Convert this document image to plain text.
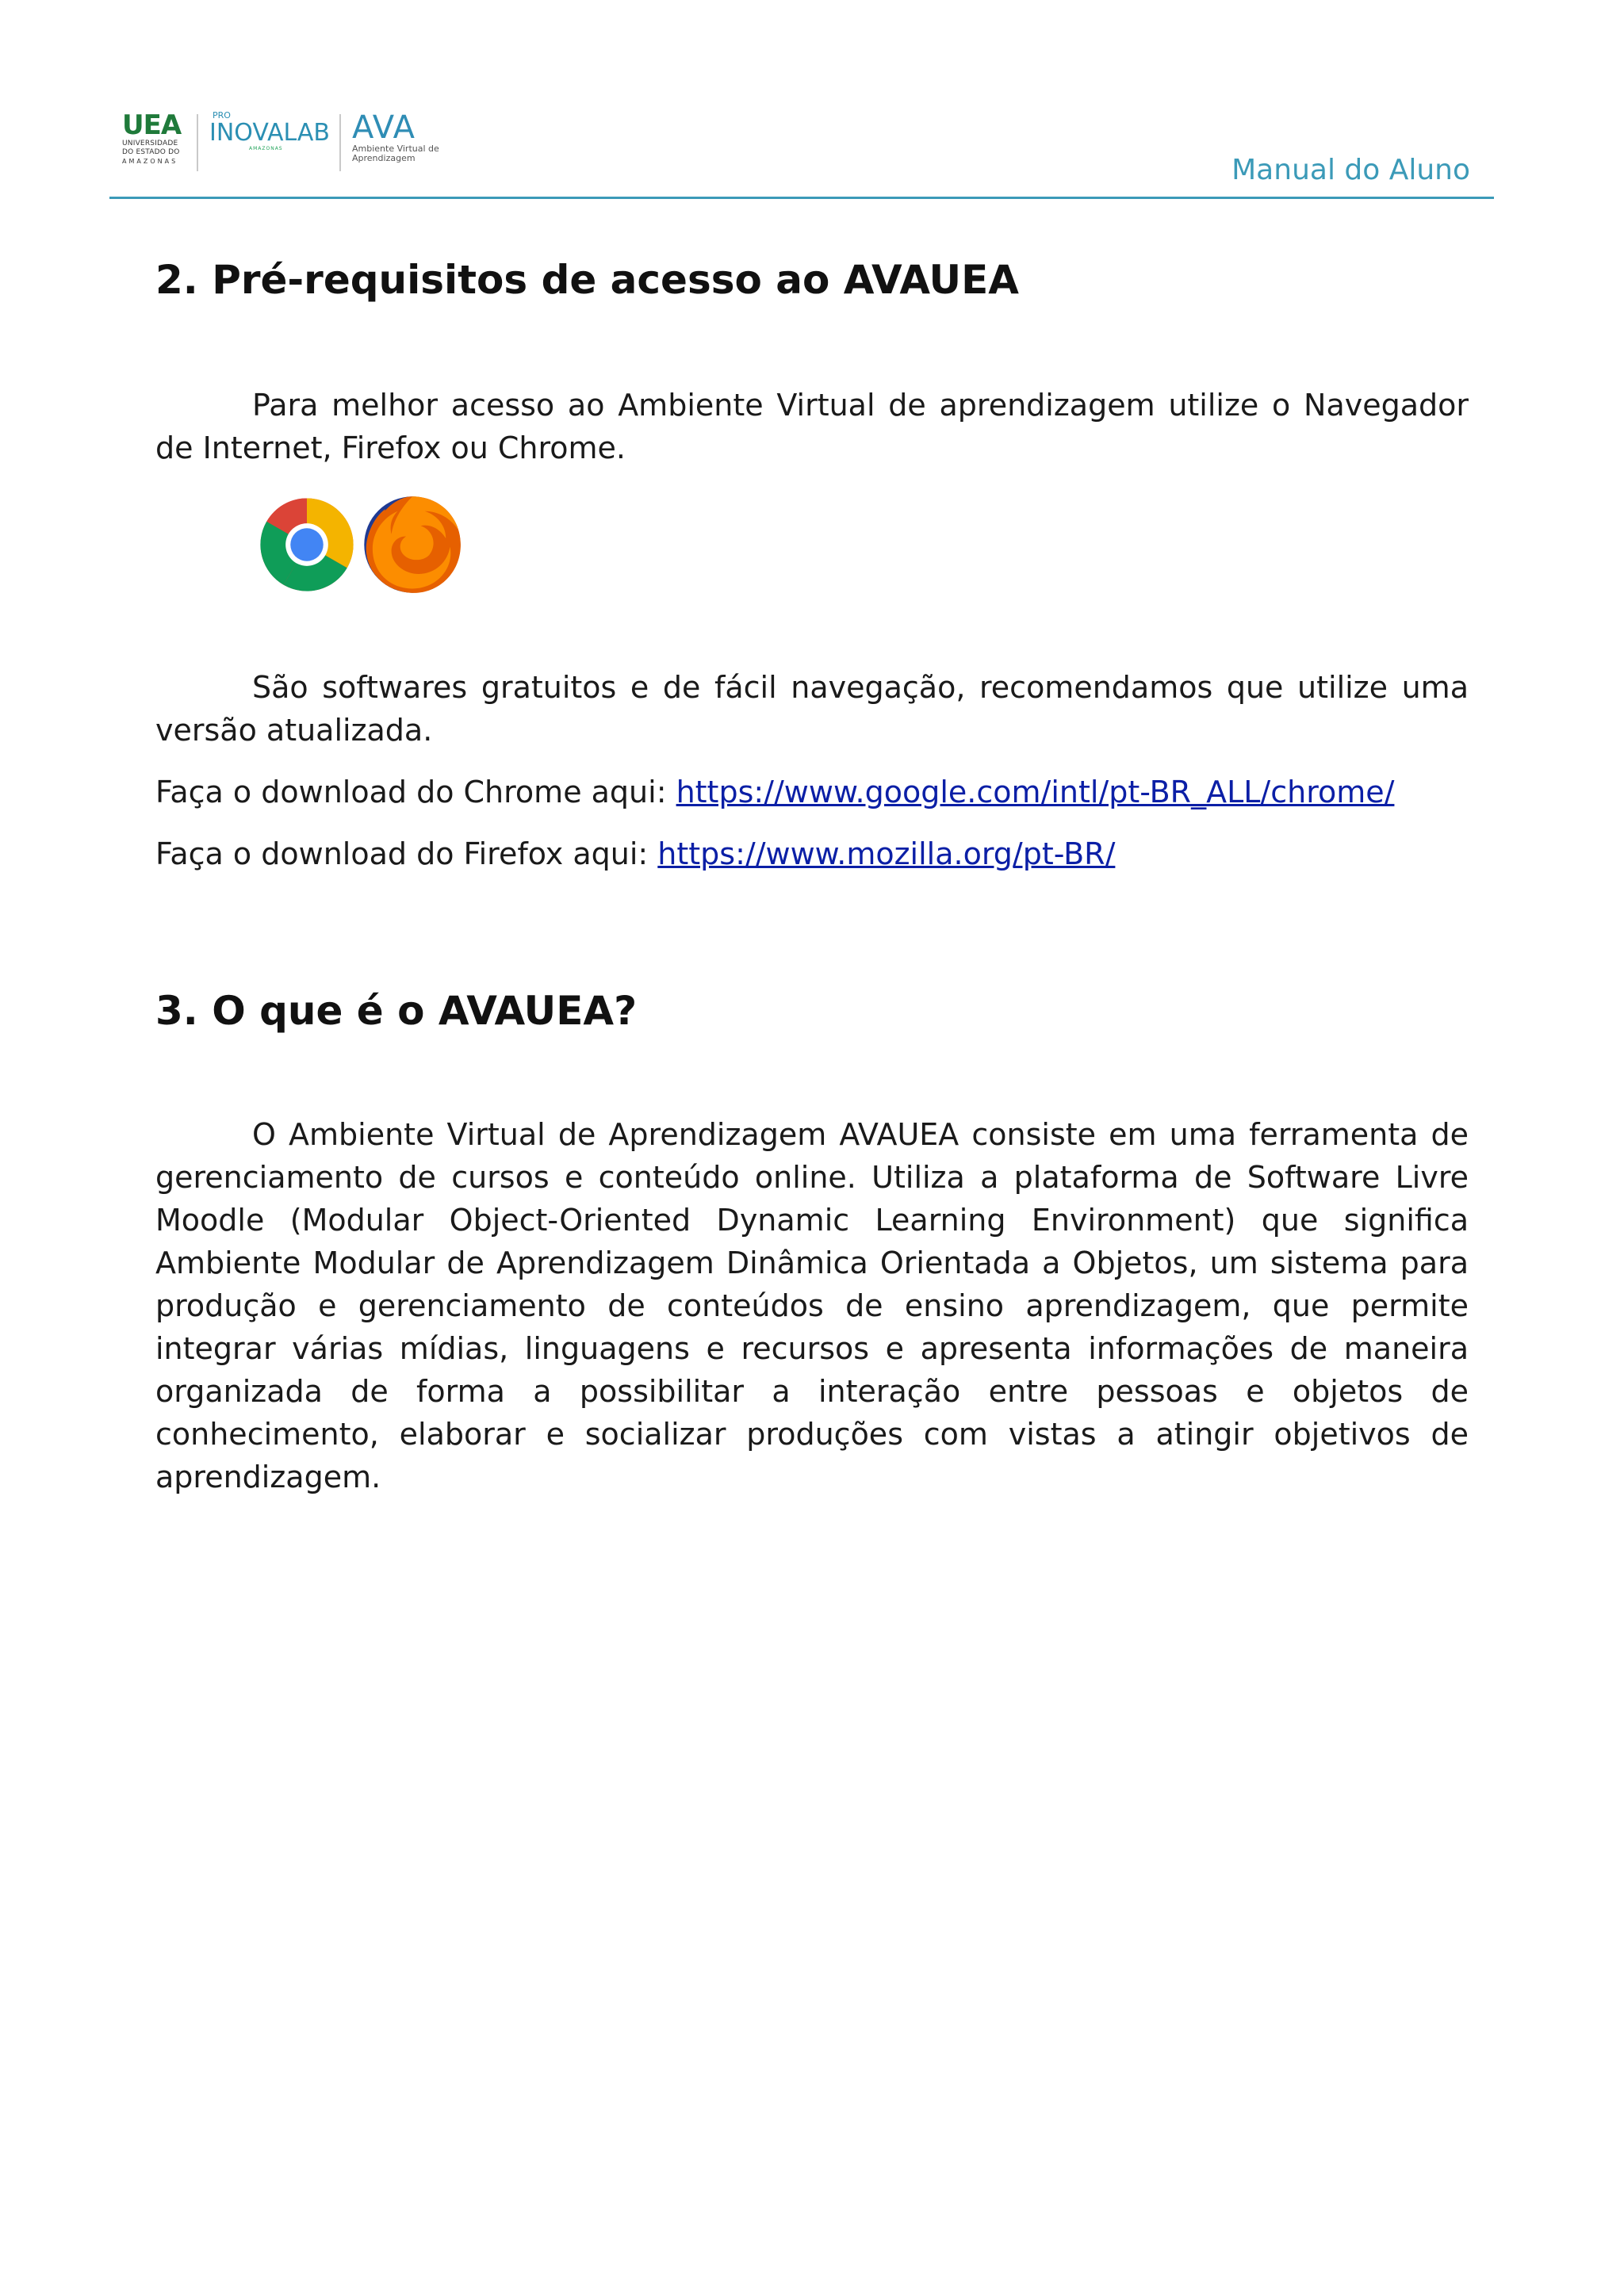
UEA
UNIVERSIDADE DO ESTADO DO
AMAZONAS
PRO
INOVALAB
AMAZONAS
AVA
Ambiente Virtual de Aprendizagem	Manual do Aluno
2. Pré-requisitos de acesso ao AVAUEA

Para melhor acesso ao Ambiente Virtual de aprendizagem utilize o Navegador de Internet, Firefox ou Chrome.

São softwares gratuitos e de fácil navegação, recomendamos que utilize uma versão atualizada.

Faça o download do Chrome aqui: https://www.google.com/intl/pt-BR_ALL/chrome/

Faça o download do Firefox aqui: https://www.mozilla.org/pt-BR/

3. O que é o AVAUEA?

O Ambiente Virtual de Aprendizagem AVAUEA consiste em uma ferramenta de gerenciamento de cursos e conteúdo online. Utiliza a plataforma de Software Livre Moodle (Modular Object-Oriented Dynamic Learning Environment) que significa Ambiente Modular de Aprendizagem Dinâmica Orientada a Objetos, um sistema para produção e gerenciamento de conteúdos de ensino aprendizagem, que permite integrar várias mídias, linguagens e recursos e apresenta informações de maneira organizada de forma a possibilitar a interação entre pessoas e objetos de conhecimento, elaborar e socializar produções com vistas a atingir objetivos de aprendizagem.
